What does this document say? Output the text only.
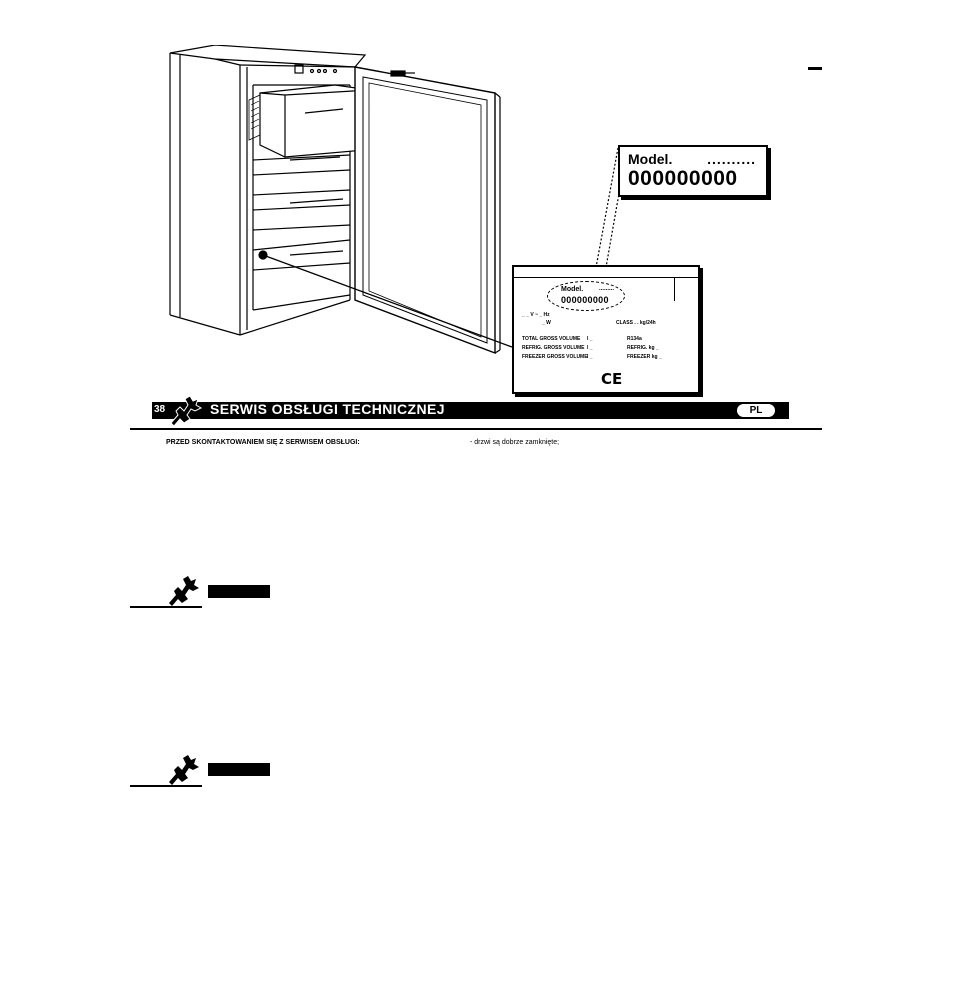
Model. ..........
000000000
Model.	.........
000000000
_ _ V ~ _ Hz
_ W	CLASS . . kg/24h
TOTAL GROSS VOLUME l _	R134a
REFRIG. GROSS VOLUME l _	REFRIG. kg _
FREEZER GROSS VOLUME l _	FREEZER kg _
CE
38	SERWIS OBSŁUGI TECHNICZNEJ	PL
PRZED SKONTAKTOWANIEM SIĘ Z SERWISEM OBSŁUGI:	- drzwi są dobrze zamknięte;
